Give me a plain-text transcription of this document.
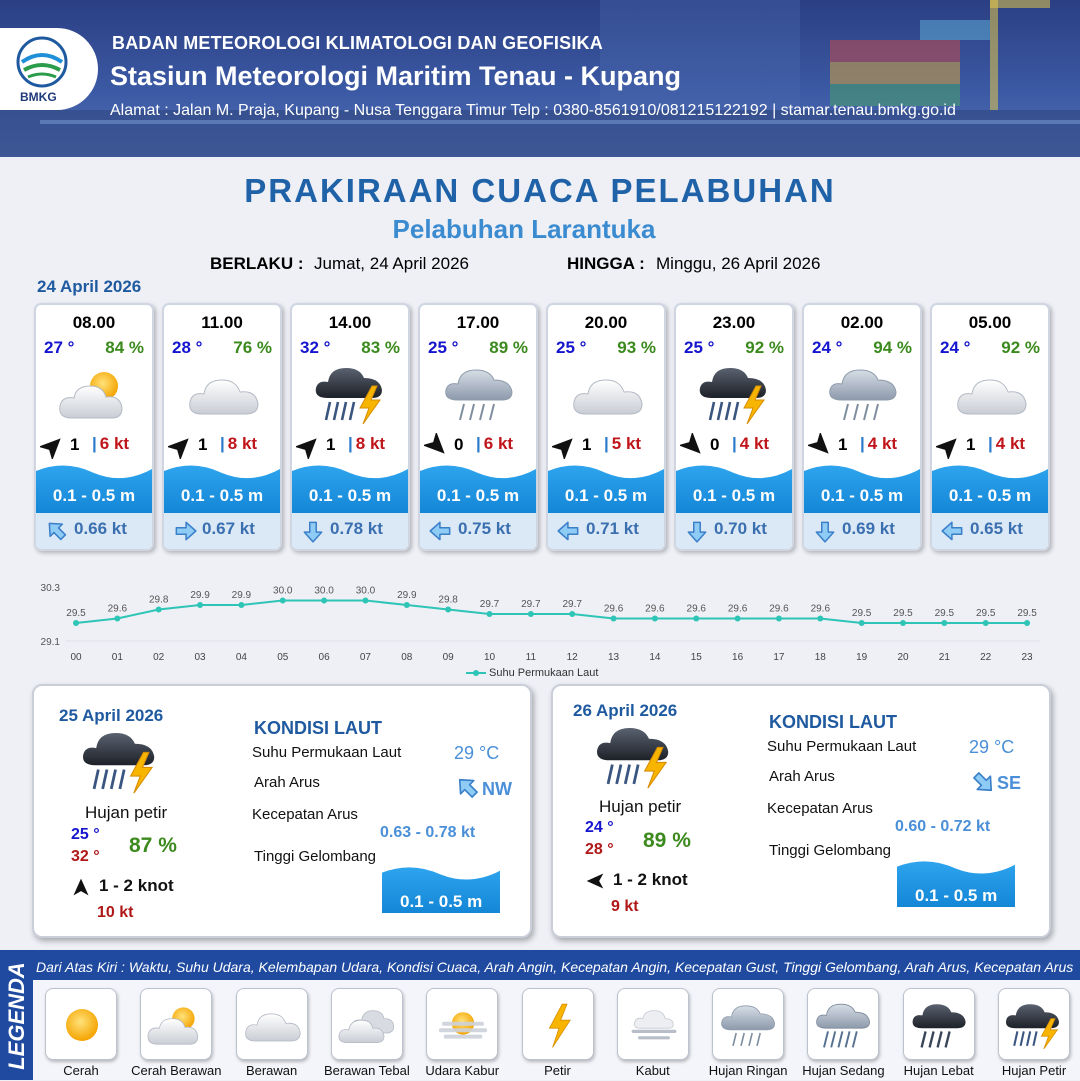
BMKG
BADAN METEOROLOGI KLIMATOLOGI DAN GEOFISIKA
Stasiun Meteorologi Maritim Tenau - Kupang
Alamat : Jalan M. Praja, Kupang - Nusa Tenggara Timur Telp : 0380-8561910/081215122192 | stamar.tenau.bmkg.go.id
PRAKIRAAN CUACA PELABUHAN
Pelabuhan Larantuka
BERLAKU : Jumat, 24 April 2026	HINGGA : Minggu, 26 April 2026
24 April 2026
08.00
27 ° 84 %
1 | 6 kt
0.1 - 0.5 m
0.66 kt
11.00
28 ° 76 %
1 | 8 kt
0.1 - 0.5 m
0.67 kt
14.00
32 ° 83 %
1 | 8 kt
0.1 - 0.5 m
0.78 kt
17.00
25 ° 89 %
0 | 6 kt
0.1 - 0.5 m
0.75 kt
20.00
25 ° 93 %
1 | 5 kt
0.1 - 0.5 m
0.71 kt
23.00
25 ° 92 %
0 | 4 kt
0.1 - 0.5 m
0.70 kt
02.00
24 ° 94 %
1 | 4 kt
0.1 - 0.5 m
0.69 kt
05.00
24 ° 92 %
1 | 4 kt
0.1 - 0.5 m
0.65 kt
30.3
29.1
29.5
00
29.6
01
29.8
02
29.9
03
29.9
04
30.0
05
30.0
06
30.0
07
29.9
08
29.8
09
29.7
10
29.7
11
29.7
12
29.6
13
29.6
14
29.6
15
29.6
16
29.6
17
29.6
18
29.5
19
29.5
20
29.5
21
29.5
22
29.5
23
Suhu Permukaan Laut
25 April 2026
Hujan petir
25 °
32 ° 87 %
1 - 2 knot
10 kt
KONDISI LAUT
Suhu Permukaan Laut	29 °C
Arah Arus	NW
Kecepatan Arus
0.63 - 0.78 kt
Tinggi Gelombang
0.1 - 0.5 m
26 April 2026
Hujan petir
24 °
28 ° 89 %
1 - 2 knot
9 kt
KONDISI LAUT
Suhu Permukaan Laut	29 °C
Arah Arus	SE
Kecepatan Arus
0.60 - 0.72 kt
Tinggi Gelombang
0.1 - 0.5 m
LEGENDA Dari Atas Kiri : Waktu, Suhu Udara, Kelembapan Udara, Kondisi Cuaca, Arah Angin, Kecepatan Angin, Kecepatan Gust, Tinggi Gelombang, Arah Arus, Kecepatan Arus
Cerah	Cerah Berawan	Berawan	Berawan Tebal	Udara Kabur	Petir	Kabut	Hujan Ringan	Hujan Sedang	Hujan Lebat	Hujan Petir
